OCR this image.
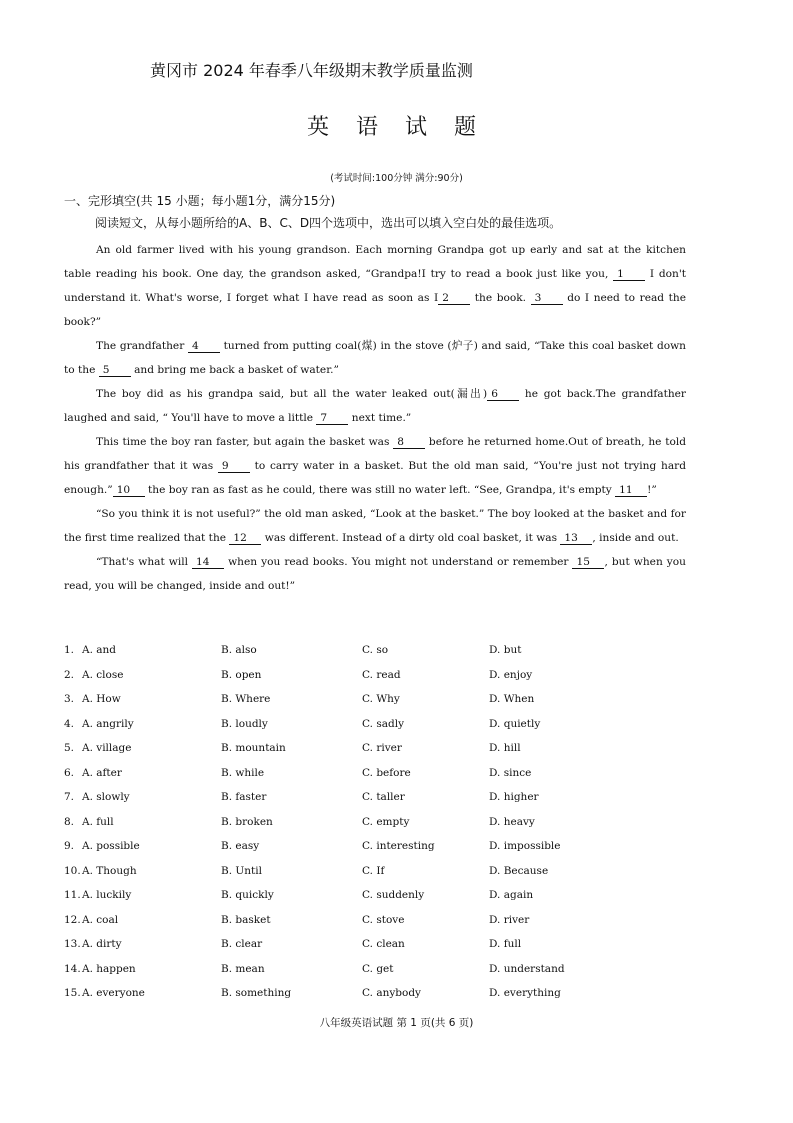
黄冈市 2024 年春季八年级期末教学质量监测
英 语 试 题
(考试时间:100分钟 满分:90分)
一、完形填空(共 15 小题；每小题1分，满分15分)
阅读短文，从每小题所给的A、B、C、D四个选项中，选出可以填入空白处的最佳选项。

An old farmer lived with his young grandson. Each morning Grandpa got up early and sat at the kitchen table reading his book. One day, the grandson asked, “Grandpa!I try to read a book just like you, 1 I don't understand it. What's worse, I forget what I have read as soon as I 2 the book. 3 do I need to read the book?”

The grandfather 4 turned from putting coal(煤) in the stove (炉子) and said, “Take this coal basket down to the 5 and bring me back a basket of water.”

The boy did as his grandpa said, but all the water leaked out(漏出) 6 he got back.The grandfather laughed and said, “ You'll have to move a little 7 next time.”

This time the boy ran faster, but again the basket was 8 before he returned home.Out of breath, he told his grandfather that it was 9 to carry water in a basket. But the old man said, “You're just not trying hard enough.” 10 the boy ran as fast as he could, there was still no water left. “See, Grandpa, it's empty 11 !”

“So you think it is not useful?” the old man asked, “Look at the basket.” The boy looked at the basket and for the first time realized that the 12 was different. Instead of a dirty old coal basket, it was 13 , inside and out.

“That's what will 14 when you read books. You might not understand or remember 15 , but when you read, you will be changed, inside and out!”

1. A. and	B. also	C. so	D. but
2. A. close	B. open	C. read	D. enjoy
3. A. How	B. Where	C. Why	D. When
4. A. angrily	B. loudly	C. sadly	D. quietly
5. A. village	B. mountain	C. river	D. hill
6. A. after	B. while	C. before	D. since
7. A. slowly	B. faster	C. taller	D. higher
8. A. full	B. broken	C. empty	D. heavy
9. A. possible	B. easy	C. interesting	D. impossible
10. A. Though	B. Until	C. If	D. Because
11. A. luckily	B. quickly	C. suddenly	D. again
12. A. coal	B. basket	C. stove	D. river
13. A. dirty	B. clear	C. clean	D. full
14. A. happen	B. mean	C. get	D. understand
15. A. everyone	B. something	C. anybody	D. everything
八年级英语试题 第 1 页(共 6 页)
